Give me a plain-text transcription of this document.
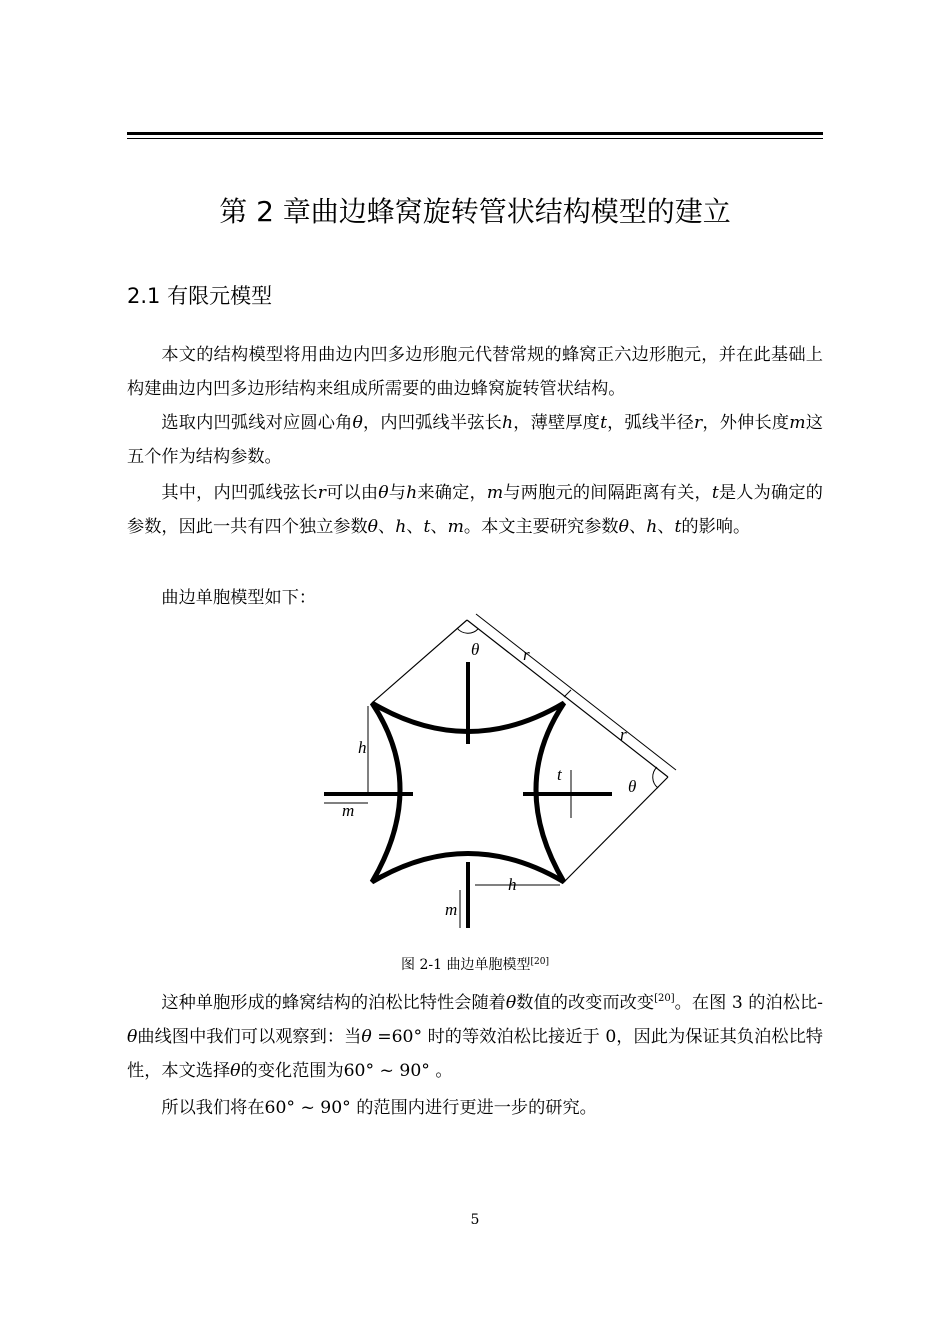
第 2 章曲边蜂窝旋转管状结构模型的建立
2.1 有限元模型
本文的结构模型将用曲边内凹多边形胞元代替常规的蜂窝正六边形胞元，并在此基础上构建曲边内凹多边形结构来组成所需要的曲边蜂窝旋转管状结构。
选取内凹弧线对应圆心角θ，内凹弧线半弦长h，薄壁厚度t，弧线半径r，外伸长度m这五个作为结构参数。
其中，内凹弧线弦长r可以由θ与h来确定，m与两胞元的间隔距离有关，t是人为确定的参数，因此一共有四个独立参数θ、h、t、m。本文主要研究参数θ、h、t的影响。
曲边单胞模型如下：
θ	r
r
h
t
θ
m
h
m
图 2-1 曲边单胞模型[20]
这种单胞形成的蜂窝结构的泊松比特性会随着θ数值的改变而改变[20]。在图 3 的泊松比-θ曲线图中我们可以观察到：当θ =60° 时的等效泊松比接近于 0，因此为保证其负泊松比特性，本文选择θ的变化范围为60° ~ 90° 。
所以我们将在60° ~ 90° 的范围内进行更进一步的研究。
5
